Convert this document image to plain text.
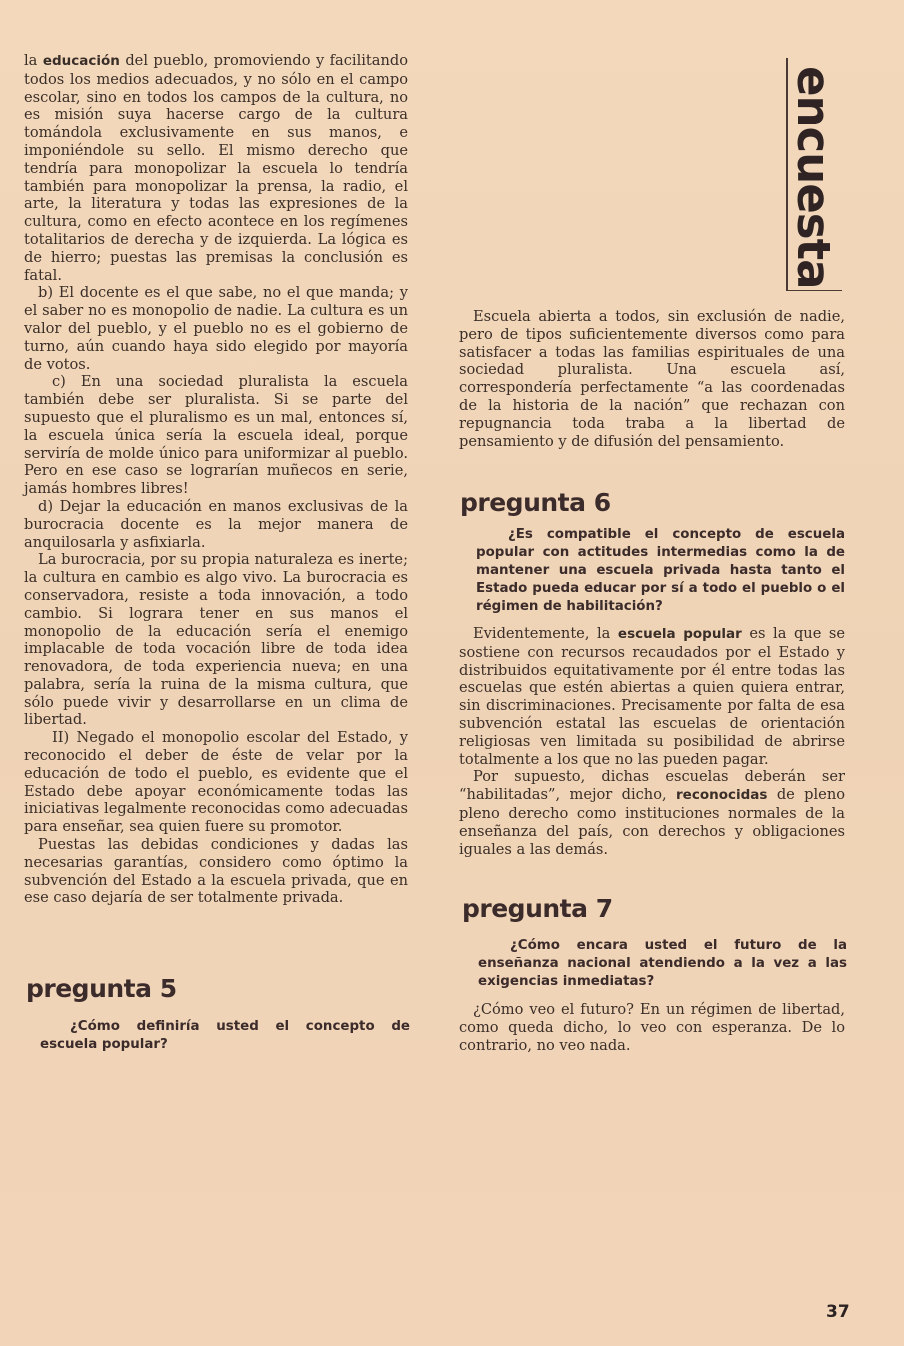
encuesta

la educación del pueblo, promoviendo y facilitando todos los medios adecuados, y no sólo en el campo escolar, sino en todos los campos de la cultura, no es misión suya hacerse cargo de la cultura tomándola exclusivamente en sus manos, e imponiéndole su sello. El mismo derecho que tendría para monopolizar la escuela lo tendría también para monopolizar la prensa, la radio, el arte, la literatura y todas las expresiones de la cultura, como en efecto acontece en los regímenes totalitarios de derecha y de izquierda. La lógica es de hierro; puestas las premisas la conclusión es fatal.

b) El docente es el que sabe, no el que manda; y el saber no es monopolio de nadie. La cultura es un valor del pueblo, y el pueblo no es el gobierno de turno, aún cuando haya sido elegido por mayoría de votos.

c) En una sociedad pluralista la escuela también debe ser pluralista. Si se parte del supuesto que el pluralismo es un mal, entonces sí, la escuela única sería la escuela ideal, porque serviría de molde único para uniformizar al pueblo. Pero en ese caso se lograrían muñecos en serie, jamás hombres libres!

d) Dejar la educación en manos exclusivas de la burocracia docente es la mejor manera de anquilosarla y asfixiarla.

La burocracia, por su propia naturaleza es inerte; la cultura en cambio es algo vivo. La burocracia es conservadora, resiste a toda innovación, a todo cambio. Si lograra tener en sus manos el monopolio de la educación sería el enemigo implacable de toda vocación libre de toda idea renovadora, de toda experiencia nueva; en una palabra, sería la ruina de la misma cultura, que sólo puede vivir y desarrollarse en un clima de libertad.

II) Negado el monopolio escolar del Estado, y reconocido el deber de éste de velar por la educación de todo el pueblo, es evidente que el Estado debe apoyar económicamente todas las iniciativas legalmente reconocidas como adecuadas para enseñar, sea quien fuere su promotor.

Puestas las debidas condiciones y dadas las necesarias garantías, considero como óptimo la subvención del Estado a la escuela privada, que en ese caso dejaría de ser totalmente privada.

pregunta 5

¿Cómo definiría usted el concepto de escuela popular?

Escuela abierta a todos, sin exclusión de nadie, pero de tipos suficientemente diversos como para satisfacer a todas las familias espirituales de una sociedad pluralista. Una escuela así, correspondería perfectamente “a las coordenadas de la historia de la nación” que rechazan con repugnancia toda traba a la libertad de pensamiento y de difusión del pensamiento.

pregunta 6

¿Es compatible el concepto de escuela popular con actitudes intermedias como la de mantener una escuela privada hasta tanto el Estado pueda educar por sí a todo el pueblo o el régimen de habilitación?

Evidentemente, la escuela popular es la que se sostiene con recursos recaudados por el Estado y distribuidos equitativamente por él entre todas las escuelas que estén abiertas a quien quiera entrar, sin discriminaciones. Precisamente por falta de esa subvención estatal las escuelas de orientación religiosas ven limitada su posibilidad de abrirse totalmente a los que no las pueden pagar.

Por supuesto, dichas escuelas deberán ser “habilitadas”, mejor dicho, reconocidas de pleno pleno derecho como instituciones normales de la enseñanza del país, con derechos y obligaciones iguales a las demás.

pregunta 7

¿Cómo encara usted el futuro de la enseñanza nacional atendiendo a la vez a las exigencias inmediatas?

¿Cómo veo el futuro? En un régimen de libertad, como queda dicho, lo veo con esperanza. De lo contrario, no veo nada.

37
